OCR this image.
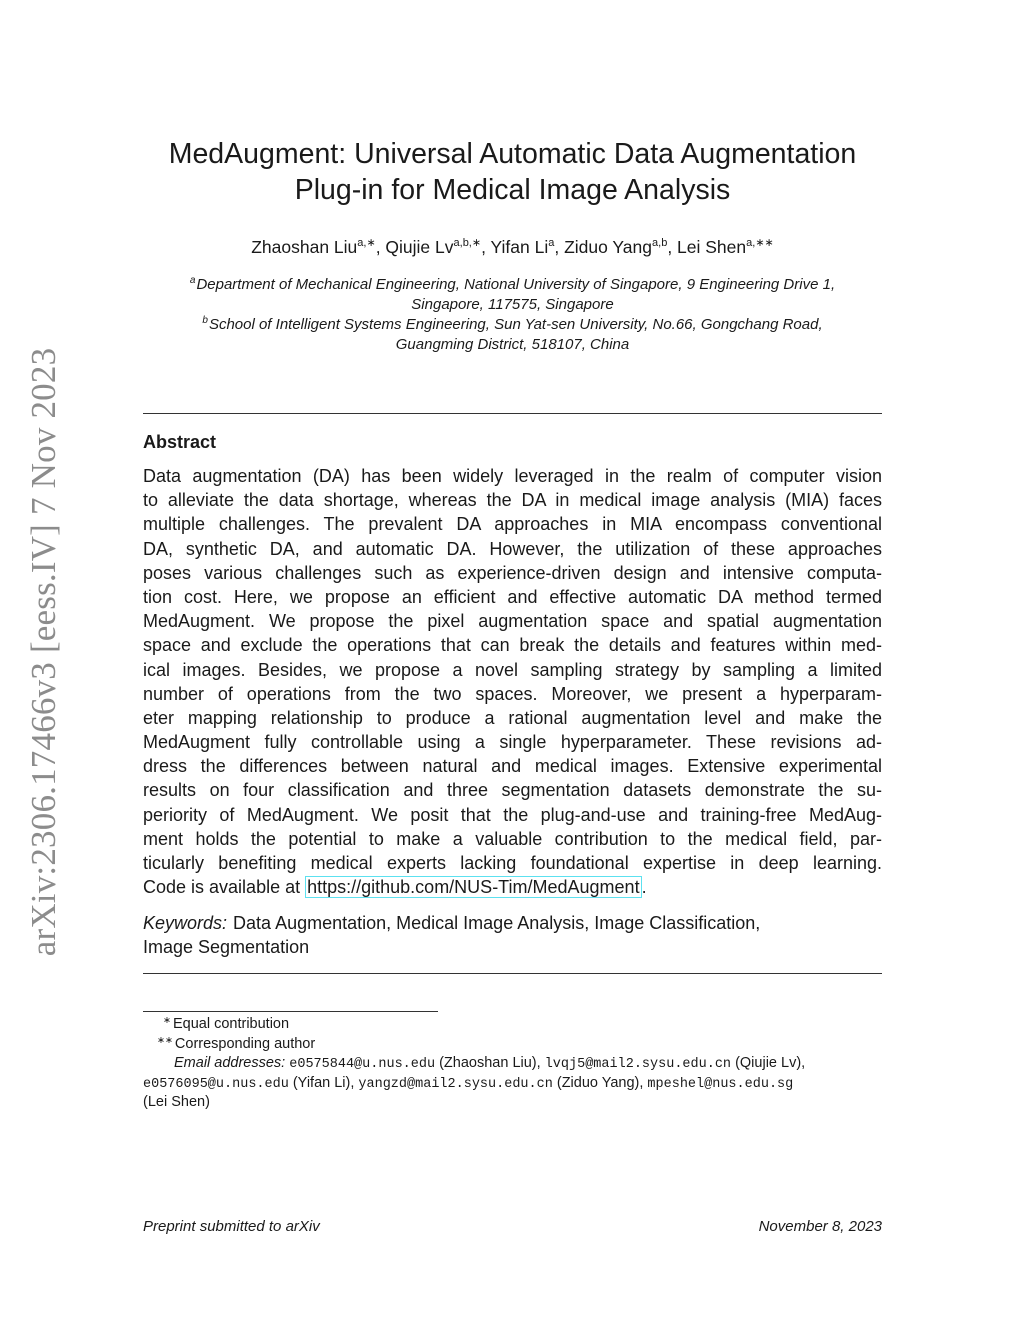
arXiv:2306.17466v3 [eess.IV] 7 Nov 2023
MedAugment: Universal Automatic Data Augmentation
Plug-in for Medical Image Analysis
Zhaoshan Liu$^{a,∗}$, Qiujie $Lv^{a,b,∗}$, Yifan Li$^a$, Ziduo Yang$^{a,b}$, Lei Shen$^{a,∗∗}$
$^a$Department of Mechanical Engineering, National University of Singapore, 9 Engineering Drive 1,
Singapore, 117575, Singapore
$^b$School of Intelligent Systems Engineering, Sun Yat-sen University, No.66, Gongchang Road,
Guangming District, 518107, China
Abstract
Data augmentation (DA) has been widely leveraged in the realm of computer vision
to alleviate the data shortage, whereas the DA in medical image analysis (MIA) faces
multiple challenges. The prevalent DA approaches in MIA encompass conventional
DA, synthetic DA, and automatic DA. However, the utilization of these approaches
poses various challenges such as experience-driven design and intensive computa-
tion cost. Here, we propose an efficient and effective automatic DA method termed
MedAugment. We propose the pixel augmentation space and spatial augmentation
space and exclude the operations that can break the details and features within med-
ical images. Besides, we propose a novel sampling strategy by sampling a limited
number of operations from the two spaces. Moreover, we present a hyperparam-
eter mapping relationship to produce a rational augmentation level and make the
MedAugment fully controllable using a single hyperparameter. These revisions ad-
dress the differences between natural and medical images. Extensive experimental
results on four classification and three segmentation datasets demonstrate the su-
periority of MedAugment. We posit that the plug-and-use and training-free MedAug-
ment holds the potential to make a valuable contribution to the medical field, par-
ticularly benefiting medical experts lacking foundational expertise in deep learning.
Code is available at https://github.com/NUS-Tim/MedAugment .
Keywords: Data Augmentation, Medical Image Analysis, Image Classification,
Image Segmentation
∗ Equal contribution
∗∗ Corresponding author
Email addresses: e0575844@u.nus.edu (Zhaoshan Liu), lvqj5@mail2.sysu.edu.cn (Qiujie Lv),
e0576095@u.nus.edu (Yifan Li), yangzd@mail2.sysu.edu.cn (Ziduo Yang), mpeshel@nus.edu.sg
(Lei Shen)
Preprint submitted to arXiv	November 8, 2023
